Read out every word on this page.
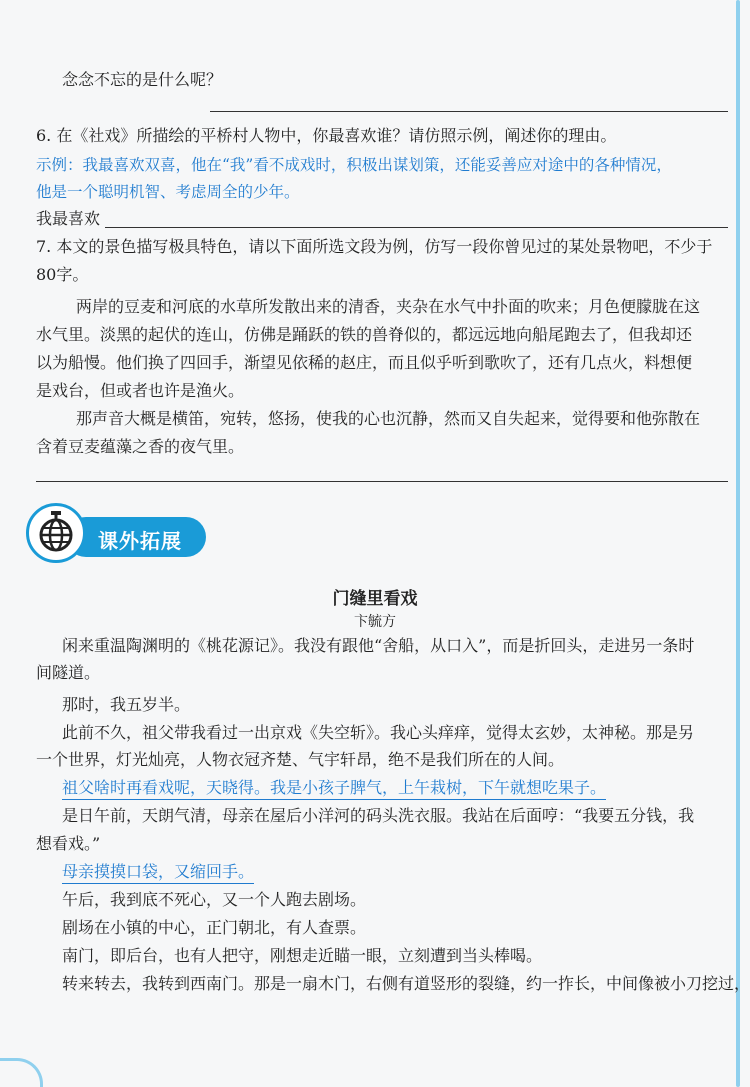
念念不忘的是什么呢？
6. 在《社戏》所描绘的平桥村人物中，你最喜欢谁？请仿照示例，阐述你的理由。
示例：我最喜欢双喜，他在“我”看不成戏时，积极出谋划策，还能妥善应对途中的各种情况，
他是一个聪明机智、考虑周全的少年。
我最喜欢
7. 本文的景色描写极具特色，请以下面所选文段为例，仿写一段你曾见过的某处景物吧，不少于
80字。
两岸的豆麦和河底的水草所发散出来的清香，夹杂在水气中扑面的吹来；月色便朦胧在这
水气里。淡黑的起伏的连山，仿佛是踊跃的铁的兽脊似的，都远远地向船尾跑去了，但我却还
以为船慢。他们换了四回手，渐望见依稀的赵庄，而且似乎听到歌吹了，还有几点火，料想便
是戏台，但或者也许是渔火。
那声音大概是横笛，宛转，悠扬，使我的心也沉静，然而又自失起来，觉得要和他弥散在
含着豆麦蕴藻之香的夜气里。
课外拓展
门缝里看戏
卞毓方
闲来重温陶渊明的《桃花源记》。我没有跟他“舍船，从口入”，而是折回头，走进另一条时
间隧道。
那时，我五岁半。
此前不久，祖父带我看过一出京戏《失空斩》。我心头痒痒，觉得太玄妙，太神秘。那是另
一个世界，灯光灿亮，人物衣冠齐楚、气宇轩昂，绝不是我们所在的人间。
祖父啥时再看戏呢，天晓得。我是小孩子脾气，上午栽树，下午就想吃果子。
是日午前，天朗气清，母亲在屋后小洋河的码头洗衣服。我站在后面哼：“我要五分钱，我
想看戏。”
母亲摸摸口袋，又缩回手。
午后，我到底不死心，又一个人跑去剧场。
剧场在小镇的中心，正门朝北，有人查票。
南门，即后台，也有人把守，刚想走近瞄一眼，立刻遭到当头棒喝。
转来转去，我转到西南门。那是一扇木门，右侧有道竖形的裂缝，约一拃长，中间像被小刀挖过，
